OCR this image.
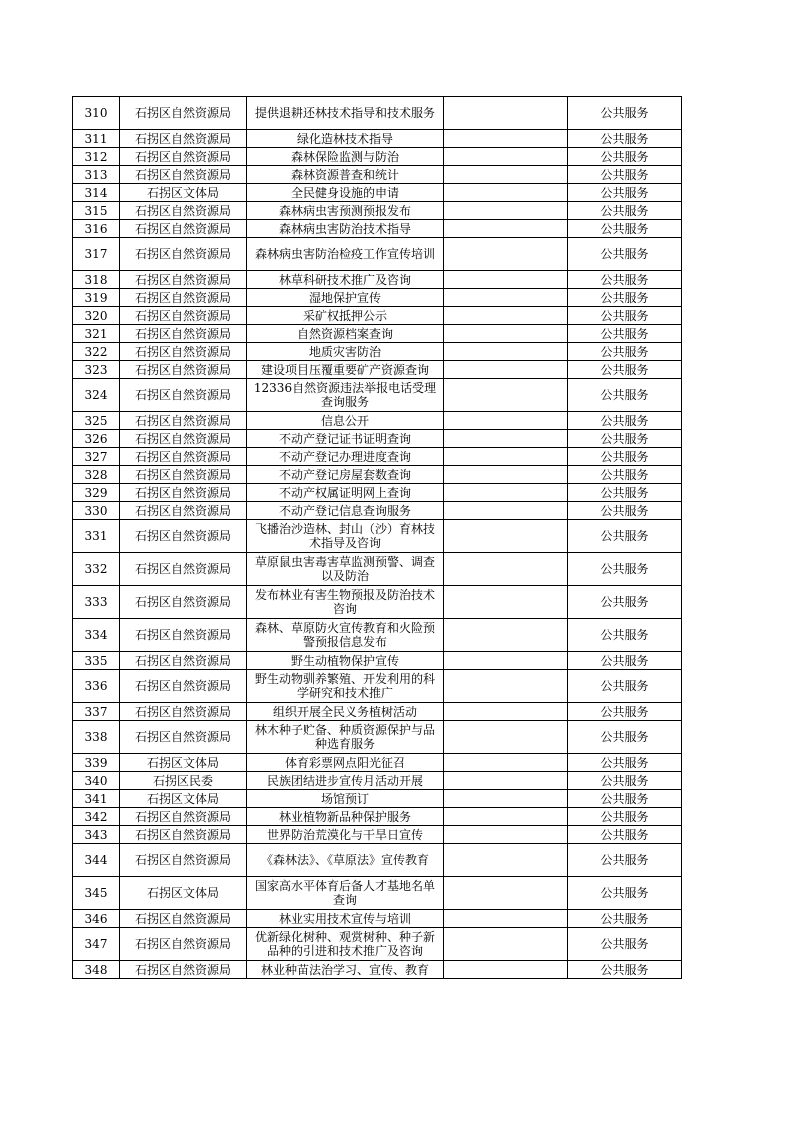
310	石拐区自然资源局	提供退耕还林技术指导和技术服务		公共服务
311	石拐区自然资源局	绿化造林技术指导		公共服务
312	石拐区自然资源局	森林保险监测与防治		公共服务
313	石拐区自然资源局	森林资源普查和统计		公共服务
314	石拐区文体局	全民健身设施的申请		公共服务
315	石拐区自然资源局	森林病虫害预测预报发布		公共服务
316	石拐区自然资源局	森林病虫害防治技术指导		公共服务
317	石拐区自然资源局	森林病虫害防治检疫工作宣传培训		公共服务
318	石拐区自然资源局	林草科研技术推广及咨询		公共服务
319	石拐区自然资源局	湿地保护宣传		公共服务
320	石拐区自然资源局	采矿权抵押公示		公共服务
321	石拐区自然资源局	自然资源档案查询		公共服务
322	石拐区自然资源局	地质灾害防治		公共服务
323	石拐区自然资源局	建设项目压覆重要矿产资源查询		公共服务
324	石拐区自然资源局	12336自然资源违法举报电话受理查询服务		公共服务
325	石拐区自然资源局	信息公开		公共服务
326	石拐区自然资源局	不动产登记证书证明查询		公共服务
327	石拐区自然资源局	不动产登记办理进度查询		公共服务
328	石拐区自然资源局	不动产登记房屋套数查询		公共服务
329	石拐区自然资源局	不动产权属证明网上查询		公共服务
330	石拐区自然资源局	不动产登记信息查询服务		公共服务
331	石拐区自然资源局	飞播治沙造林、封山（沙）育林技术指导及咨询		公共服务
332	石拐区自然资源局	草原鼠虫害毒害草监测预警、调查以及防治		公共服务
333	石拐区自然资源局	发布林业有害生物预报及防治技术咨询		公共服务
334	石拐区自然资源局	森林、草原防火宣传教育和火险预警预报信息发布		公共服务
335	石拐区自然资源局	野生动植物保护宣传		公共服务
336	石拐区自然资源局	野生动物驯养繁殖、开发利用的科学研究和技术推广		公共服务
337	石拐区自然资源局	组织开展全民义务植树活动		公共服务
338	石拐区自然资源局	林木种子贮备、种质资源保护与品种选育服务		公共服务
339	石拐区文体局	体育彩票网点阳光征召		公共服务
340	石拐区民委	民族团结进步宣传月活动开展		公共服务
341	石拐区文体局	场馆预订		公共服务
342	石拐区自然资源局	林业植物新品种保护服务		公共服务
343	石拐区自然资源局	世界防治荒漠化与干旱日宣传		公共服务
344	石拐区自然资源局	《森林法》、《草原法》宣传教育		公共服务
345	石拐区文体局	国家高水平体育后备人才基地名单查询		公共服务
346	石拐区自然资源局	林业实用技术宣传与培训		公共服务
347	石拐区自然资源局	优新绿化树种、观赏树种、种子新品种的引进和技术推广及咨询		公共服务
348	石拐区自然资源局	林业种苗法治学习、宣传、教育		公共服务
